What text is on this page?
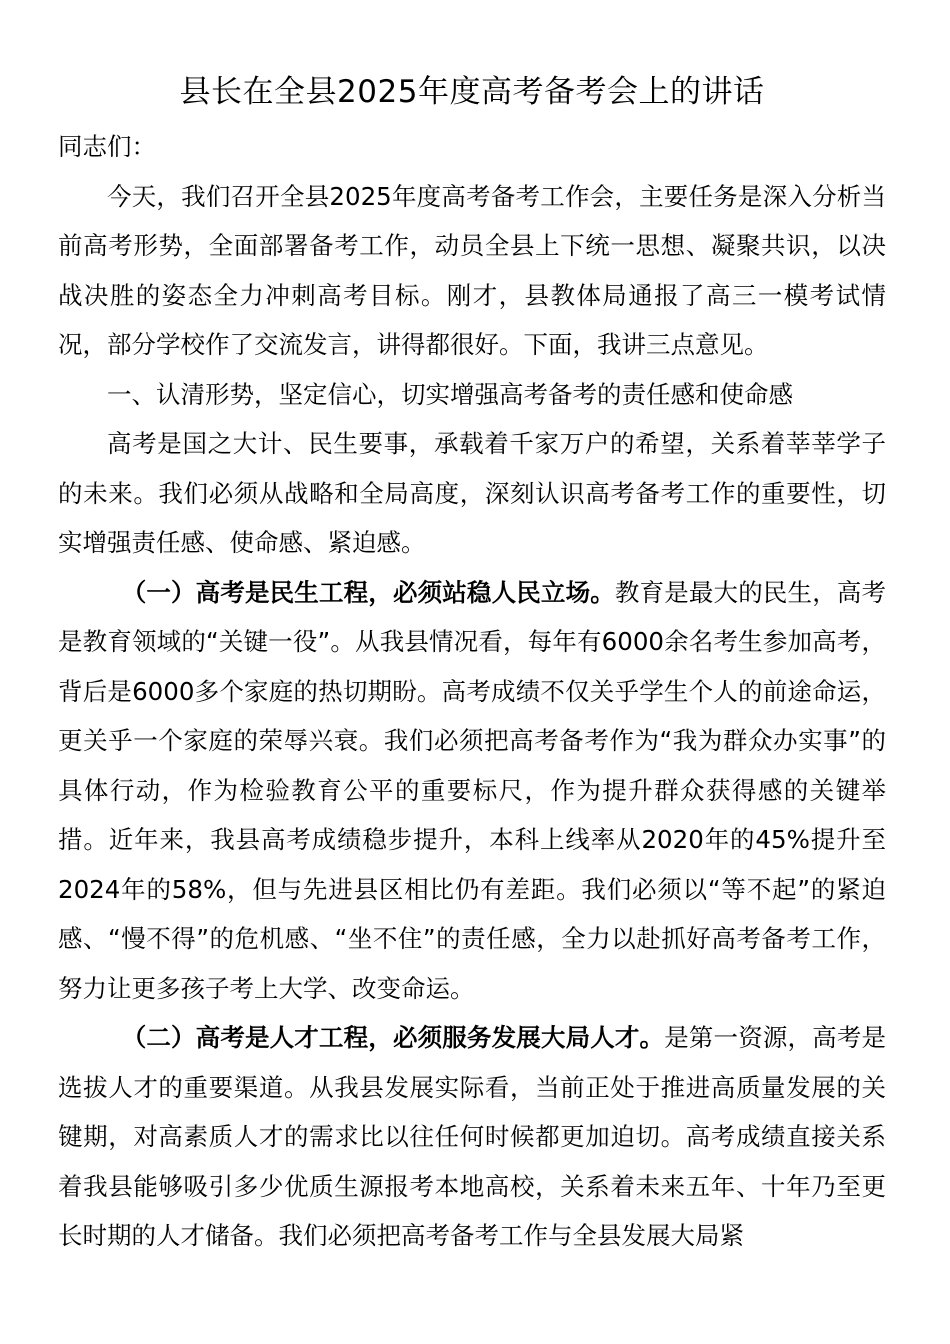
县长在全县2025年度高考备考会上的讲话

同志们：

今天，我们召开全县2025年度高考备考工作会，主要任务是深入分析当前高考形势，全面部署备考工作，动员全县上下统一思想、凝聚共识，以决战决胜的姿态全力冲刺高考目标。刚才，县教体局通报了高三一模考试情况，部分学校作了交流发言，讲得都很好。下面，我讲三点意见。

一、认清形势，坚定信心，切实增强高考备考的责任感和使命感

高考是国之大计、民生要事，承载着千家万户的希望，关系着莘莘学子的未来。我们必须从战略和全局高度，深刻认识高考备考工作的重要性，切实增强责任感、使命感、紧迫感。

（一）高考是民生工程，必须站稳人民立场。教育是最大的民生，高考是教育领域的“关键一役”。从我县情况看，每年有6000余名考生参加高考，背后是6000多个家庭的热切期盼。高考成绩不仅关乎学生个人的前途命运，更关乎一个家庭的荣辱兴衰。我们必须把高考备考作为“我为群众办实事”的具体行动，作为检验教育公平的重要标尺，作为提升群众获得感的关键举措。近年来，我县高考成绩稳步提升，本科上线率从2020年的45%提升至2024年的58%，但与先进县区相比仍有差距。我们必须以“等不起”的紧迫感、“慢不得”的危机感、“坐不住”的责任感，全力以赴抓好高考备考工作，努力让更多孩子考上大学、改变命运。

（二）高考是人才工程，必须服务发展大局人才。是第一资源，高考是选拔人才的重要渠道。从我县发展实际看，当前正处于推进高质量发展的关键期，对高素质人才的需求比以往任何时候都更加迫切。高考成绩直接关系着我县能够吸引多少优质生源报考本地高校，关系着未来五年、十年乃至更长时期的人才储备。我们必须把高考备考工作与全县发展大局紧
